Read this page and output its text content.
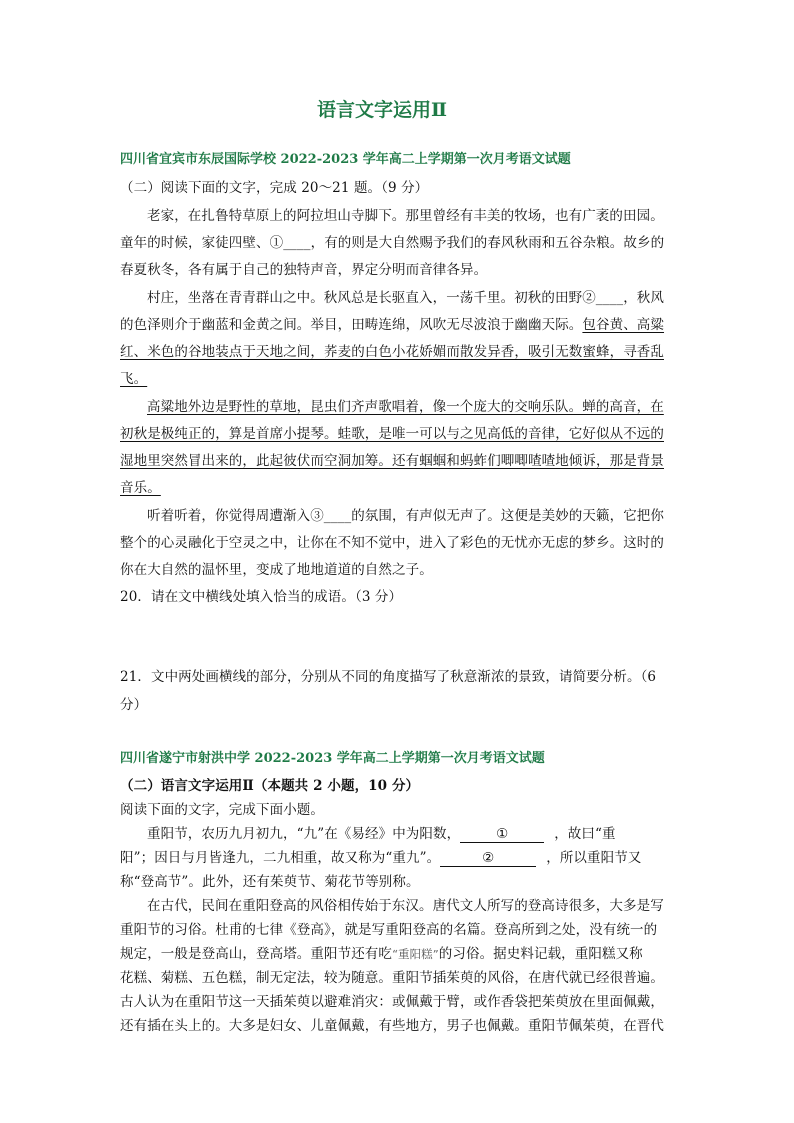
语言文字运用Ⅱ
四川省宜宾市东辰国际学校 2022-2023 学年高二上学期第一次月考语文试题
（二）阅读下面的文字，完成 20～21 题。（9 分）
老家，在扎鲁特草原上的阿拉坦山寺脚下。那里曾经有丰美的牧场，也有广袤的田园。
童年的时候，家徒四壁、①____，有的则是大自然赐予我们的春风秋雨和五谷杂粮。故乡的
春夏秋冬，各有属于自己的独特声音，界定分明而音律各异。
村庄，坐落在青青群山之中。秋风总是长驱直入，一荡千里。初秋的田野②____，秋风
的色泽则介于幽蓝和金黄之间。举目，田畴连绵，风吹无尽波浪于幽幽天际。包谷黄、高粱
红、米色的谷地装点于天地之间，荞麦的白色小花娇媚而散发异香，吸引无数蜜蜂，寻香乱
飞。
高粱地外边是野性的草地，昆虫们齐声歌唱着，像一个庞大的交响乐队。蝉的高音，在
初秋是极纯正的，算是首席小提琴。蛙歌，是唯一可以与之见高低的音律，它好似从不远的
湿地里突然冒出来的，此起彼伏而空洞加筹。还有蝈蝈和蚂蚱们唧唧喳喳地倾诉，那是背景
音乐。
听着听着，你觉得周遭渐入③____的氛围，有声似无声了。这便是美妙的天籁，它把你
整个的心灵融化于空灵之中，让你在不知不觉中，进入了彩色的无忧亦无虑的梦乡。这时的
你在大自然的温怀里，变成了地地道道的自然之子。
20．请在文中横线处填入恰当的成语。（3 分）
21．文中两处画横线的部分，分别从不同的角度描写了秋意渐浓的景致，请简要分析。（6
分）
四川省遂宁市射洪中学 2022-2023 学年高二上学期第一次月考语文试题
（二）语言文字运用Ⅱ（本题共 2 小题，10 分）
阅读下面的文字，完成下面小题。
重阳节，农历九月初九，“九”在《易经》中为阳数，	①	，故曰“重
阳”；因日与月皆逢九，二九相重，故又称为“重九”。	②	，所以重阳节又
称“登高节”。此外，还有茱萸节、菊花节等别称。
在古代，民间在重阳登高的风俗相传始于东汉。唐代文人所写的登高诗很多，大多是写
重阳节的习俗。杜甫的七律《登高》，就是写重阳登高的名篇。登高所到之处，没有统一的
规定，一般是登高山，登高塔。重阳节还有吃“重阳糕”的习俗。据史料记载，重阳糕又称
花糕、菊糕、五色糕，制无定法，较为随意。重阳节插茱萸的风俗，在唐代就已经很普遍。
古人认为在重阳节这一天插茱萸以避难消灾：或佩戴于臂，或作香袋把茱萸放在里面佩戴，
还有插在头上的。大多是妇女、儿童佩戴，有些地方，男子也佩戴。重阳节佩茱萸，在晋代
